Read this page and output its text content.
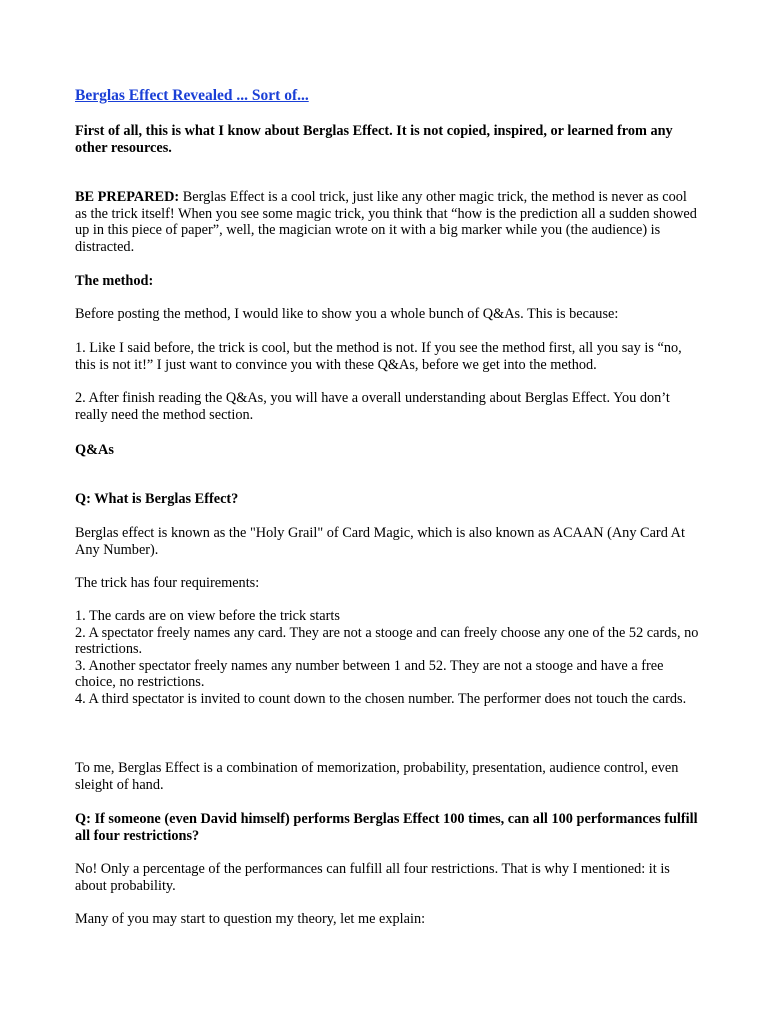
Berglas Effect Revealed ... Sort of...

First of all, this is what I know about Berglas Effect. It is not copied, inspired, or learned from any other resources.

BE PREPARED: Berglas Effect is a cool trick, just like any other magic trick, the method is never as cool as the trick itself! When you see some magic trick, you think that “how is the prediction all a sudden showed up in this piece of paper”, well, the magician wrote on it with a big marker while you (the audience) is distracted.

The method:

Before posting the method, I would like to show you a whole bunch of Q&As. This is because:

1. Like I said before, the trick is cool, but the method is not. If you see the method first, all you say is “no, this is not it!” I just want to convince you with these Q&As, before we get into the method.

2. After finish reading the Q&As, you will have a overall understanding about Berglas Effect. You don’t really need the method section.

Q&As

Q: What is Berglas Effect?

Berglas effect is known as the "Holy Grail" of Card Magic, which is also known as ACAAN (Any Card At Any Number).

The trick has four requirements:

1. The cards are on view before the trick starts
2. A spectator freely names any card. They are not a stooge and can freely choose any one of the 52 cards, no restrictions.
3. Another spectator freely names any number between 1 and 52. They are not a stooge and have a free choice, no restrictions.
4. A third spectator is invited to count down to the chosen number. The performer does not touch the cards.

To me, Berglas Effect is a combination of memorization, probability, presentation, audience control, even sleight of hand.

Q: If someone (even David himself) performs Berglas Effect 100 times, can all 100 performances fulfill all four restrictions?

No! Only a percentage of the performances can fulfill all four restrictions. That is why I mentioned: it is about probability.

Many of you may start to question my theory, let me explain:
